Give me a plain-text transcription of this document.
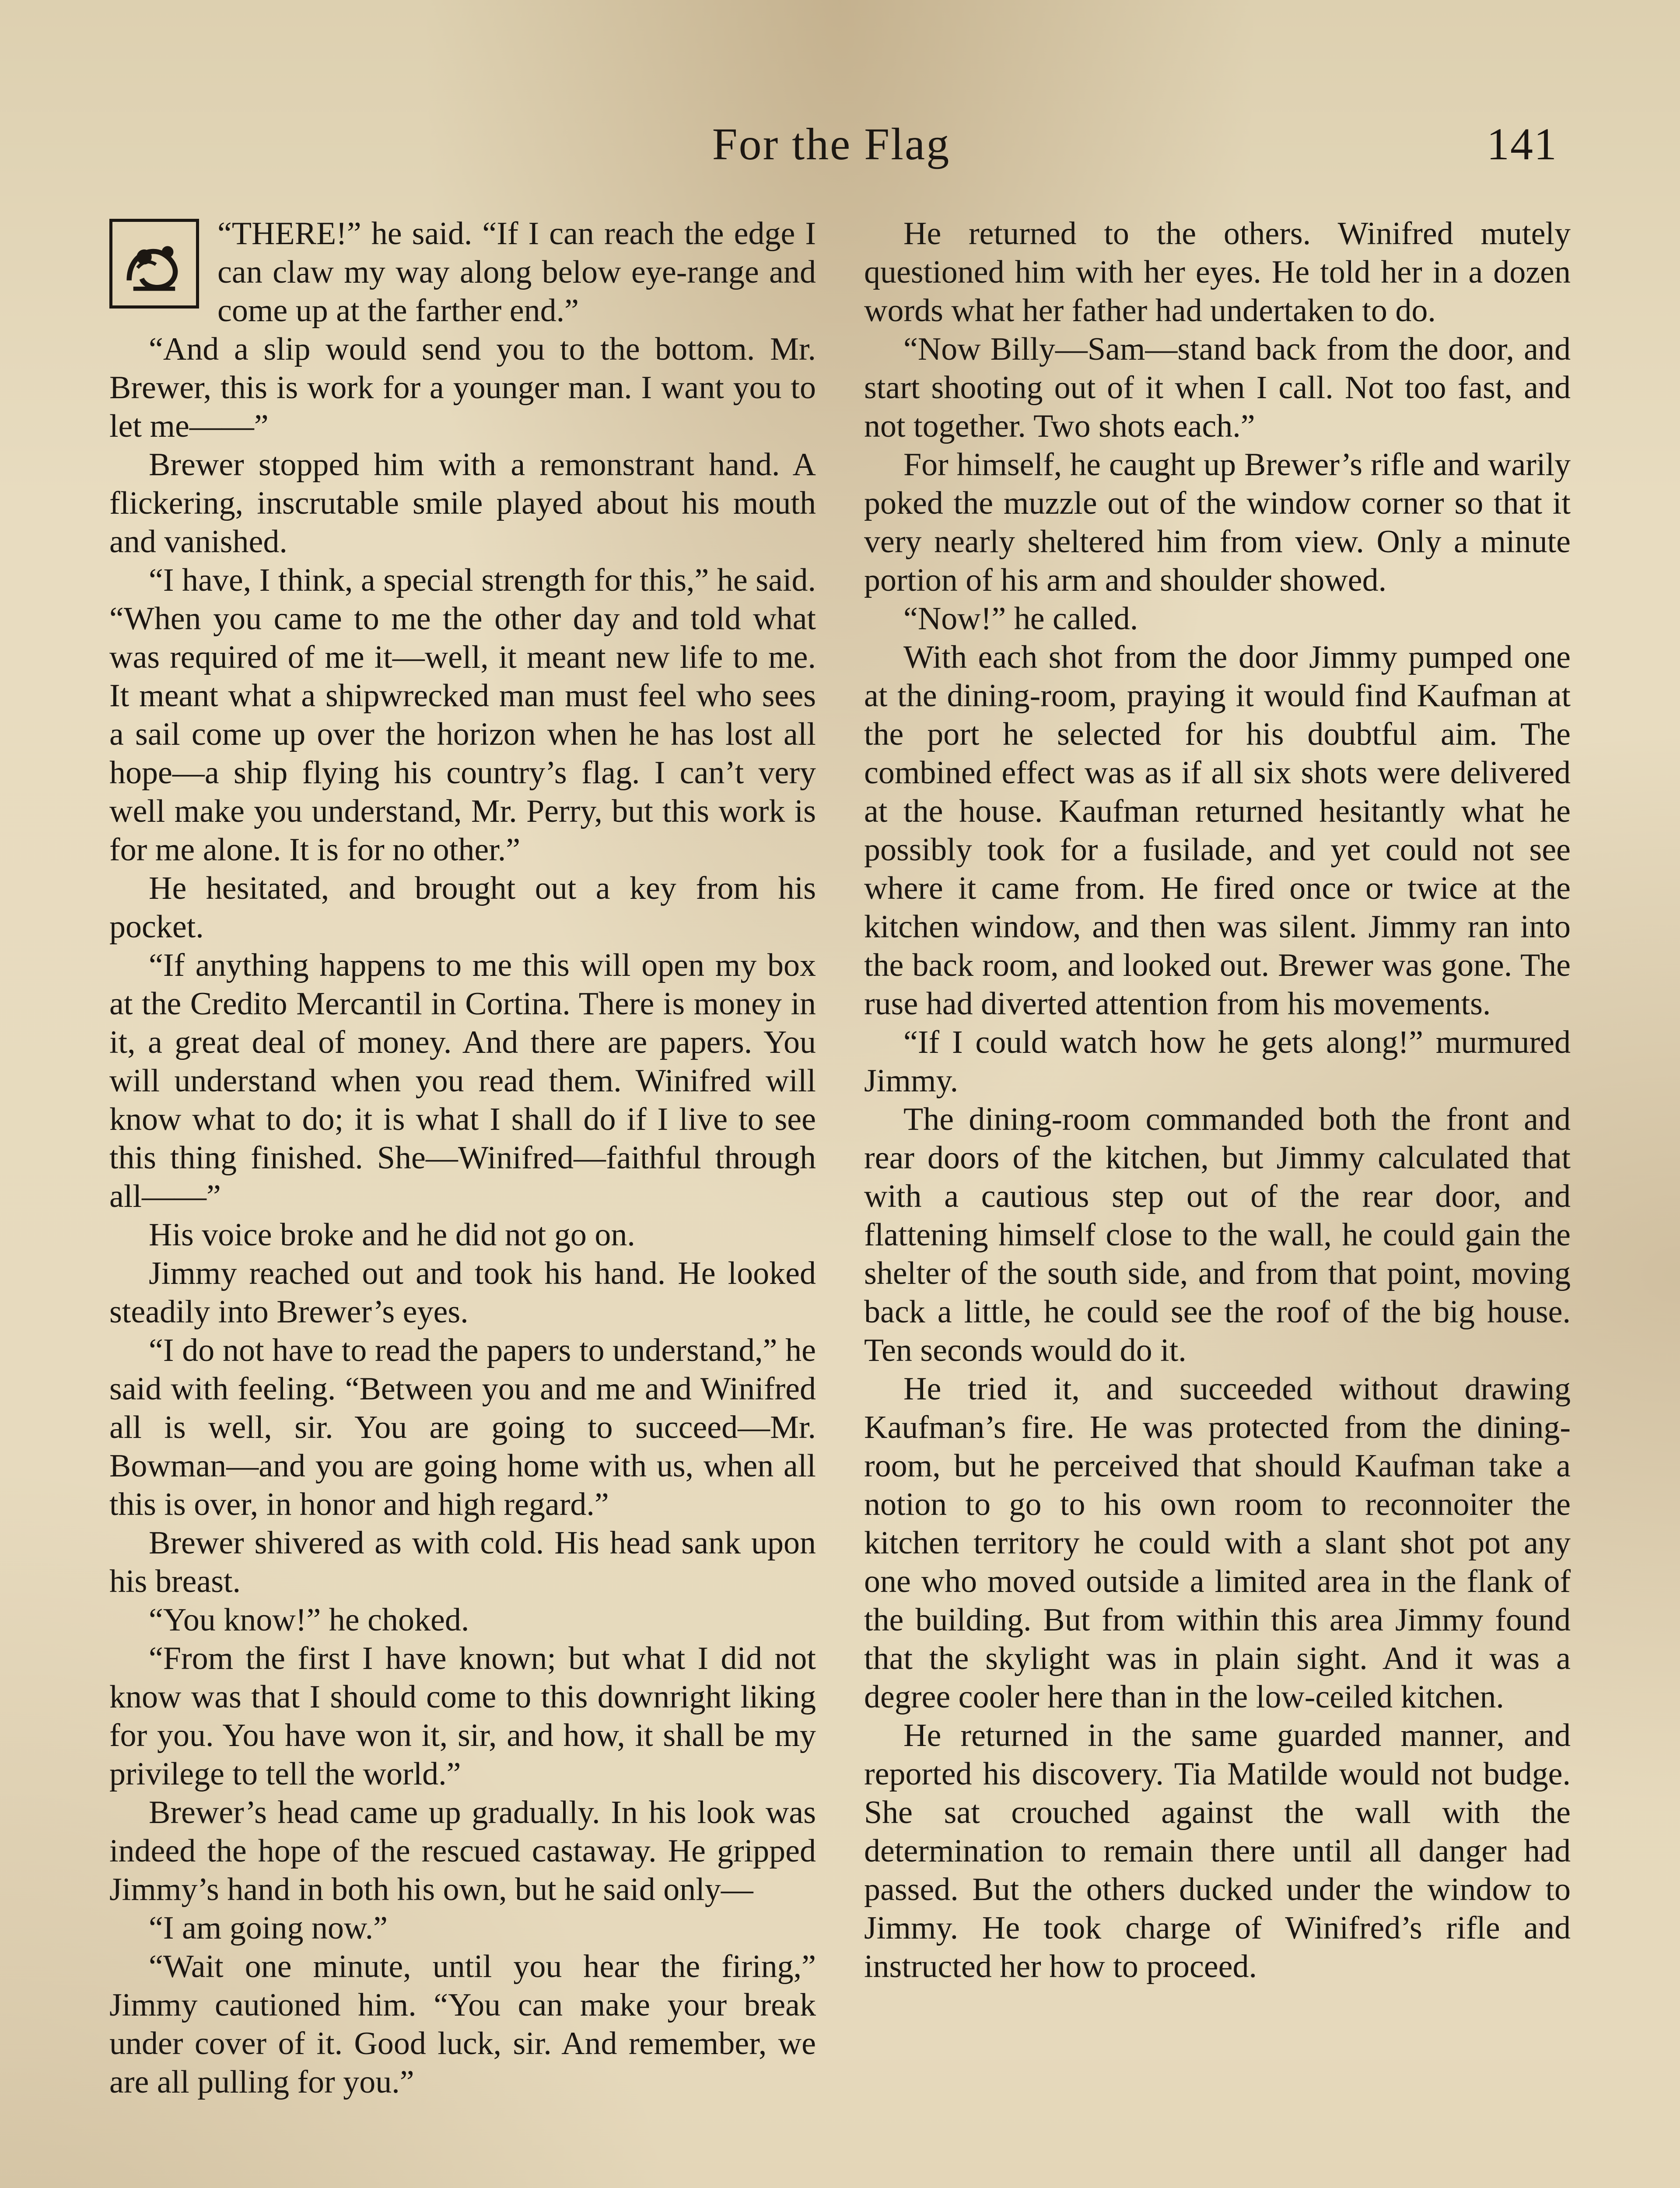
For the Flag	141

“THERE!” he said. “If I can reach the edge I can claw my way along below eye-range and come up at the farther end.”

“And a slip would send you to the bottom. Mr. Brewer, this is work for a younger man. I want you to let me——”

Brewer stopped him with a remonstrant hand. A flickering, inscrutable smile played about his mouth and vanished.

“I have, I think, a special strength for this,” he said. “When you came to me the other day and told what was required of me it—well, it meant new life to me. It meant what a shipwrecked man must feel who sees a sail come up over the horizon when he has lost all hope—a ship flying his country’s flag. I can’t very well make you understand, Mr. Perry, but this work is for me alone. It is for no other.”

He hesitated, and brought out a key from his pocket.

“If anything happens to me this will open my box at the Credito Mercantil in Cortina. There is money in it, a great deal of money. And there are papers. You will understand when you read them. Winifred will know what to do; it is what I shall do if I live to see this thing finished. She—Winifred—faithful through all——”

His voice broke and he did not go on.

Jimmy reached out and took his hand. He looked steadily into Brewer’s eyes.

“I do not have to read the papers to understand,” he said with feeling. “Between you and me and Winifred all is well, sir. You are going to succeed—Mr. Bowman—and you are going home with us, when all this is over, in honor and high regard.”

Brewer shivered as with cold. His head sank upon his breast.

“You know!” he choked.

“From the first I have known; but what I did not know was that I should come to this downright liking for you. You have won it, sir, and how, it shall be my privilege to tell the world.”

Brewer’s head came up gradually. In his look was indeed the hope of the rescued castaway. He gripped Jimmy’s hand in both his own, but he said only—

“I am going now.”

“Wait one minute, until you hear the firing,” Jimmy cautioned him. “You can make your break under cover of it. Good luck, sir. And remember, we are all pulling for you.”

He returned to the others. Winifred mutely questioned him with her eyes. He told her in a dozen words what her father had undertaken to do.

“Now Billy—Sam—stand back from the door, and start shooting out of it when I call. Not too fast, and not together. Two shots each.”

For himself, he caught up Brewer’s rifle and warily poked the muzzle out of the window corner so that it very nearly sheltered him from view. Only a minute portion of his arm and shoulder showed.

“Now!” he called.

With each shot from the door Jimmy pumped one at the dining-room, praying it would find Kaufman at the port he selected for his doubtful aim. The combined effect was as if all six shots were delivered at the house. Kaufman returned hesitantly what he possibly took for a fusilade, and yet could not see where it came from. He fired once or twice at the kitchen window, and then was silent. Jimmy ran into the back room, and looked out. Brewer was gone. The ruse had diverted attention from his movements.

“If I could watch how he gets along!” murmured Jimmy.

The dining-room commanded both the front and rear doors of the kitchen, but Jimmy calculated that with a cautious step out of the rear door, and flattening himself close to the wall, he could gain the shelter of the south side, and from that point, moving back a little, he could see the roof of the big house. Ten seconds would do it.

He tried it, and succeeded without drawing Kaufman’s fire. He was protected from the dining-room, but he perceived that should Kaufman take a notion to go to his own room to reconnoiter the kitchen territory he could with a slant shot pot any one who moved outside a limited area in the flank of the building. But from within this area Jimmy found that the skylight was in plain sight. And it was a degree cooler here than in the low-ceiled kitchen.

He returned in the same guarded manner, and reported his discovery. Tia Matilde would not budge. She sat crouched against the wall with the determination to remain there until all danger had passed. But the others ducked under the window to Jimmy. He took charge of Winifred’s rifle and instructed her how to proceed.
